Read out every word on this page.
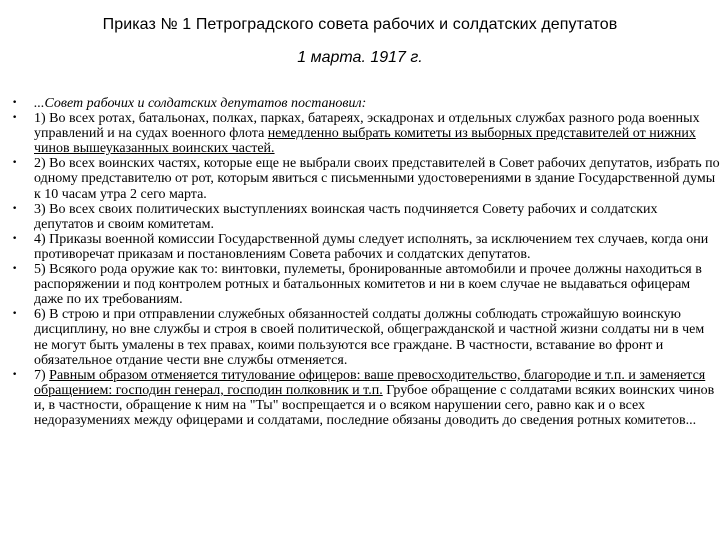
Приказ № 1 Петроградского совета рабочих и солдатских депутатов
1 марта. 1917 г.
• ...Совет рабочих и солдатских депутатов постановил:
• 1) Во всех ротах, батальонах, полках, парках, батареях, эскадронах и отдельных службах разного рода военных управлений и на судах военного флота немедленно выбрать комитеты из выборных представителей от нижних чинов вышеуказанных воинских частей.
• 2) Во всех воинских частях, которые еще не выбрали своих представителей в Совет рабочих депутатов, избрать по одному представителю от рот, которым явиться с письменными удостоверениями в здание Государственной думы к 10 часам утра 2 сего марта.
• 3) Во всех своих политических выступлениях воинская часть подчиняется Совету рабочих и солдатских депутатов и своим комитетам.
• 4) Приказы военной комиссии Государственной думы следует исполнять, за исключением тех случаев, когда они противоречат приказам и постановлениям Совета рабочих и солдатских депутатов.
• 5) Всякого рода оружие как то: винтовки, пулеметы, бронированные автомобили и прочее должны находиться в распоряжении и под контролем ротных и батальонных комитетов и ни в коем случае не выдаваться офицерам даже по их требованиям.
• 6) В строю и при отправлении служебных обязанностей солдаты должны соблюдать строжайшую воинскую дисциплину, но вне службы и строя в своей политической, общегражданской и частной жизни солдаты ни в чем не могут быть умалены в тех правах, коими пользуются все граждане. В частности, вставание во фронт и обязательное отдание чести вне службы отменяется.
• 7) Равным образом отменяется титулование офицеров: ваше превосходительство, благородие и т.п. и заменяется обращением: господин генерал, господин полковник и т.п. Грубое обращение с солдатами всяких воинских чинов и, в частности, обращение к ним на "Ты" воспрещается и о всяком нарушении сего, равно как и о всех недоразумениях между офицерами и солдатами, последние обязаны доводить до сведения ротных комитетов...
